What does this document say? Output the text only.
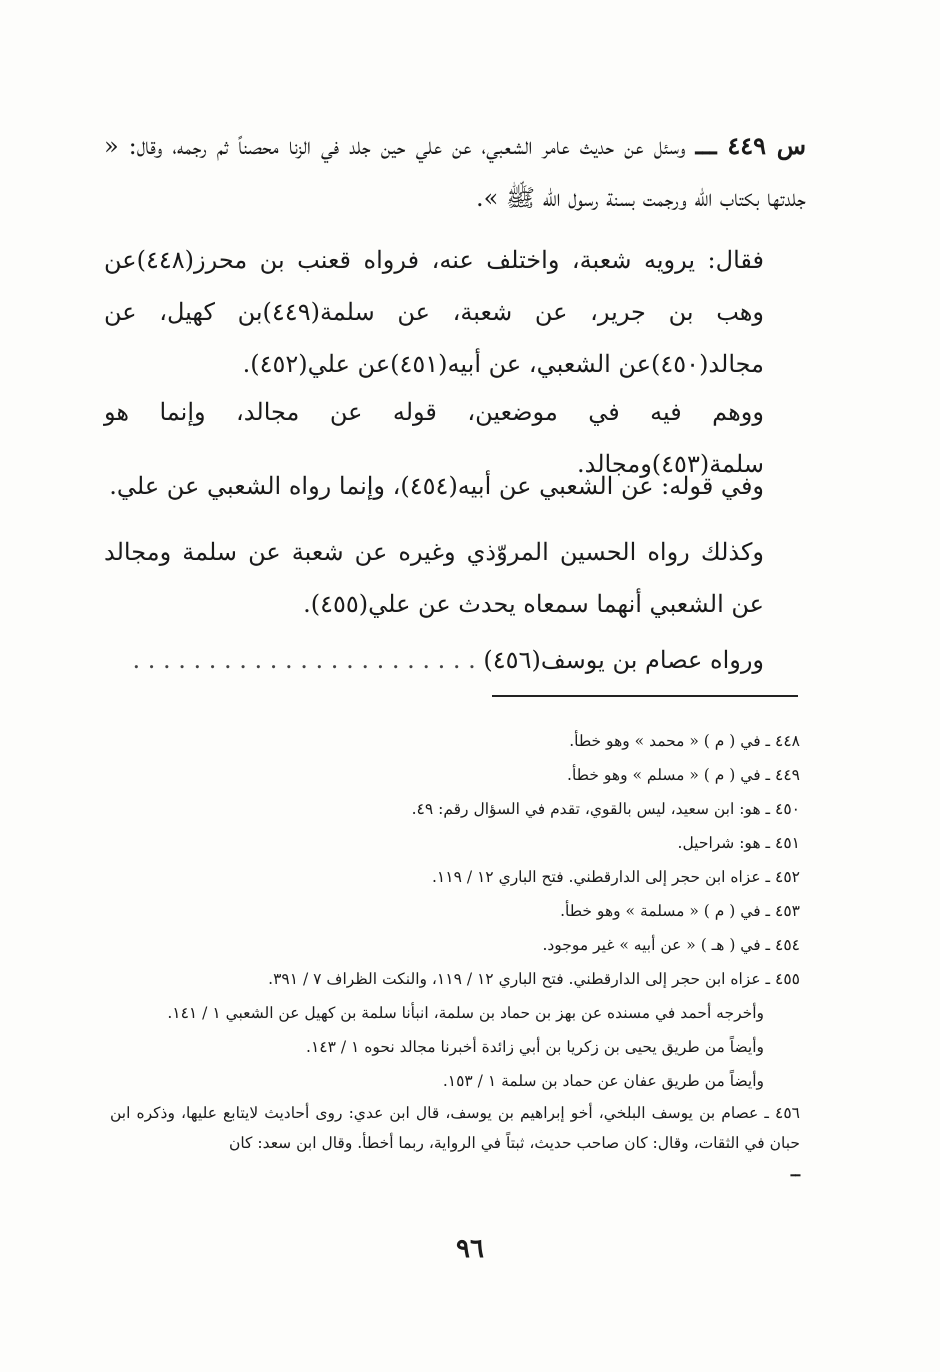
س ٤٤٩ ـــ وسئل عن حديث عامر الشعبي، عن علي حين جلد في الزنا محصناً ثم رجمه، وقال: « جلدتها بكتاب الله ورجمت بسنة رسول الله ﷺ ».

فقال: يرويه شعبة، واختلف عنه، فرواه قعنب بن محرز(٤٤٨)عن وهب بن جرير، عن شعبة، عن سلمة(٤٤٩)بن كهيل، عن مجالد(٤٥٠)عن الشعبي، عن أبيه(٤٥١)عن علي(٤٥٢).

ووهم فيه في موضعين، قوله عن مجالد، وإنما هو سلمة(٤٥٣)ومجالد.

وفي قوله: عن الشعبي عن أبيه(٤٥٤)، وإنما رواه الشعبي عن علي.

وكذلك رواه الحسين المروّذي وغيره عن شعبة عن سلمة ومجالد عن الشعبي أنهما سمعاه يحدث عن علي(٤٥٥).

ورواه عصام بن يوسف(٤٥٦) . . . . . . . . . . . . . . . . . . . . . . .

٤٤٨ ـ في ( م ) « محمد » وهو خطأ.

٤٤٩ ـ في ( م ) « مسلم » وهو خطأ.

٤٥٠ ـ هو: ابن سعيد، ليس بالقوي، تقدم في السؤال رقم: ٤٩.

٤٥١ ـ هو: شراحيل.

٤٥٢ ـ عزاه ابن حجر إلى الدارقطني. فتح الباري ١٢ / ١١٩.

٤٥٣ ـ في ( م ) « مسلمة » وهو خطأ.

٤٥٤ ـ في ( هـ ) « عن أبيه » غير موجود.

٤٥٥ ـ عزاه ابن حجر إلى الدارقطني. فتح الباري ١٢ / ١١٩، والنكت الظراف ٧ / ٣٩١.

وأخرجه أحمد في مسنده عن بهز بن حماد بن سلمة، انبأنا سلمة بن كهيل عن الشعبي ١ / ١٤١.

وأيضاً من طريق يحيى بن زكريا بن أبي زائدة أخبرنا مجالد نحوه ١ / ١٤٣.

وأيضاً من طريق عفان عن حماد بن سلمة ١ / ١٥٣.

٤٥٦ ـ عصام بن يوسف البلخي، أخو إبراهيم بن يوسف، قال ابن عدي: روى أحاديث لايتابع عليها، وذكره ابن حبان في الثقات، وقال: كان صاحب حديث، ثبتاً في الرواية، ربما أخطأ. وقال ابن سعد: كان

ــ

٩٦
